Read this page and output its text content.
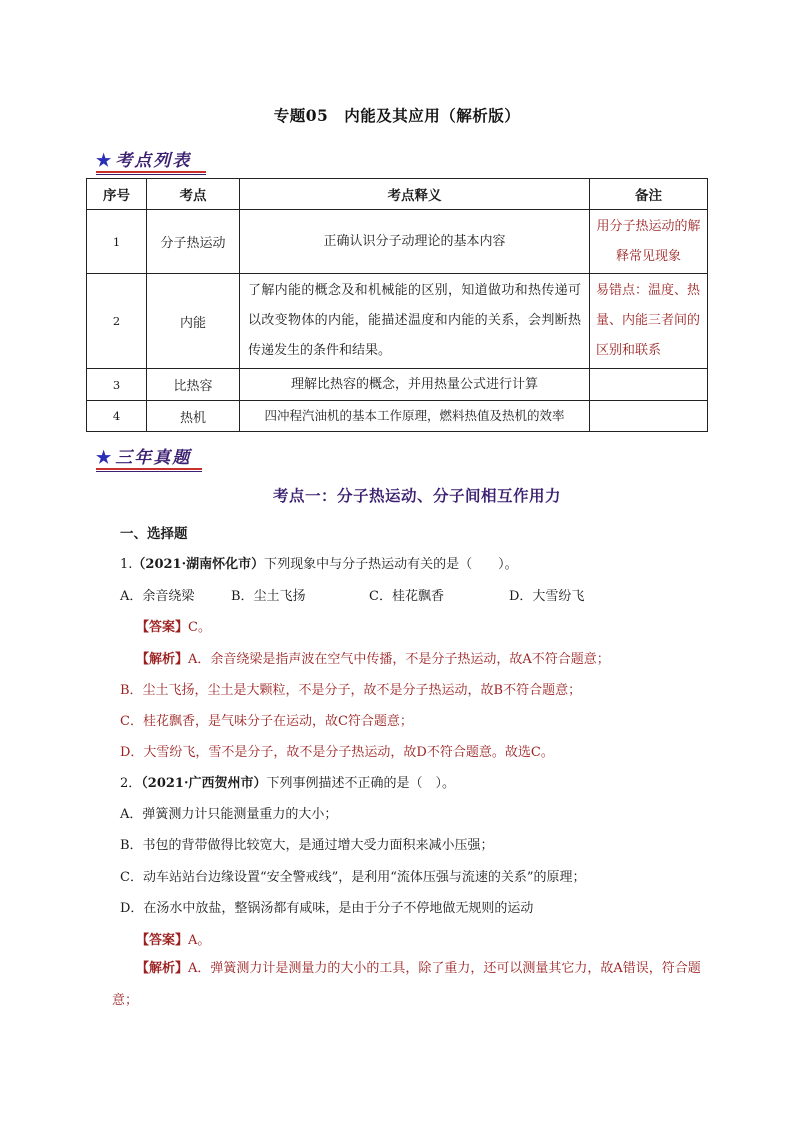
专题05　内能及其应用（解析版）
★ 考点列表
序号	考点	考点释义	备注
1	分子热运动	正确认识分子动理论的基本内容	用分子热运动的解释常见现象
2	内能	了解内能的概念及和机械能的区别，知道做功和热传递可以改变物体的内能，能描述温度和内能的关系，会判断热传递发生的条件和结果。	易错点：温度、热量、内能三者间的区别和联系
3	比热容	理解比热容的概念，并用热量公式进行计算	
4	热机	四冲程汽油机的基本工作原理，燃料热值及热机的效率	
★ 三年真题
考点一：分子热运动、分子间相互作用力
一、选择题
1.（2021·湖南怀化市）下列现象中与分子热运动有关的是（　　）。
A．余音绕梁	B．尘土飞扬	C．桂花飘香	D．大雪纷飞
【答案】C。
【解析】A．余音绕梁是指声波在空气中传播，不是分子热运动，故A不符合题意；
B．尘土飞扬，尘土是大颗粒，不是分子，故不是分子热运动，故B不符合题意；
C．桂花飘香，是气味分子在运动，故C符合题意；
D．大雪纷飞，雪不是分子，故不是分子热运动，故D不符合题意。故选C。
2．（2021·广西贺州市）下列事例描述不正确的是（　）。
A．弹簧测力计只能测量重力的大小；
B．书包的背带做得比较宽大，是通过增大受力面积来减小压强；
C．动车站站台边缘设置“安全警戒线”，是利用“流体压强与流速的关系”的原理；
D．在汤水中放盐，整锅汤都有咸味，是由于分子不停地做无规则的运动
【答案】A。
【解析】A．弹簧测力计是测量力的大小的工具，除了重力，还可以测量其它力，故A错误，符合题意；
